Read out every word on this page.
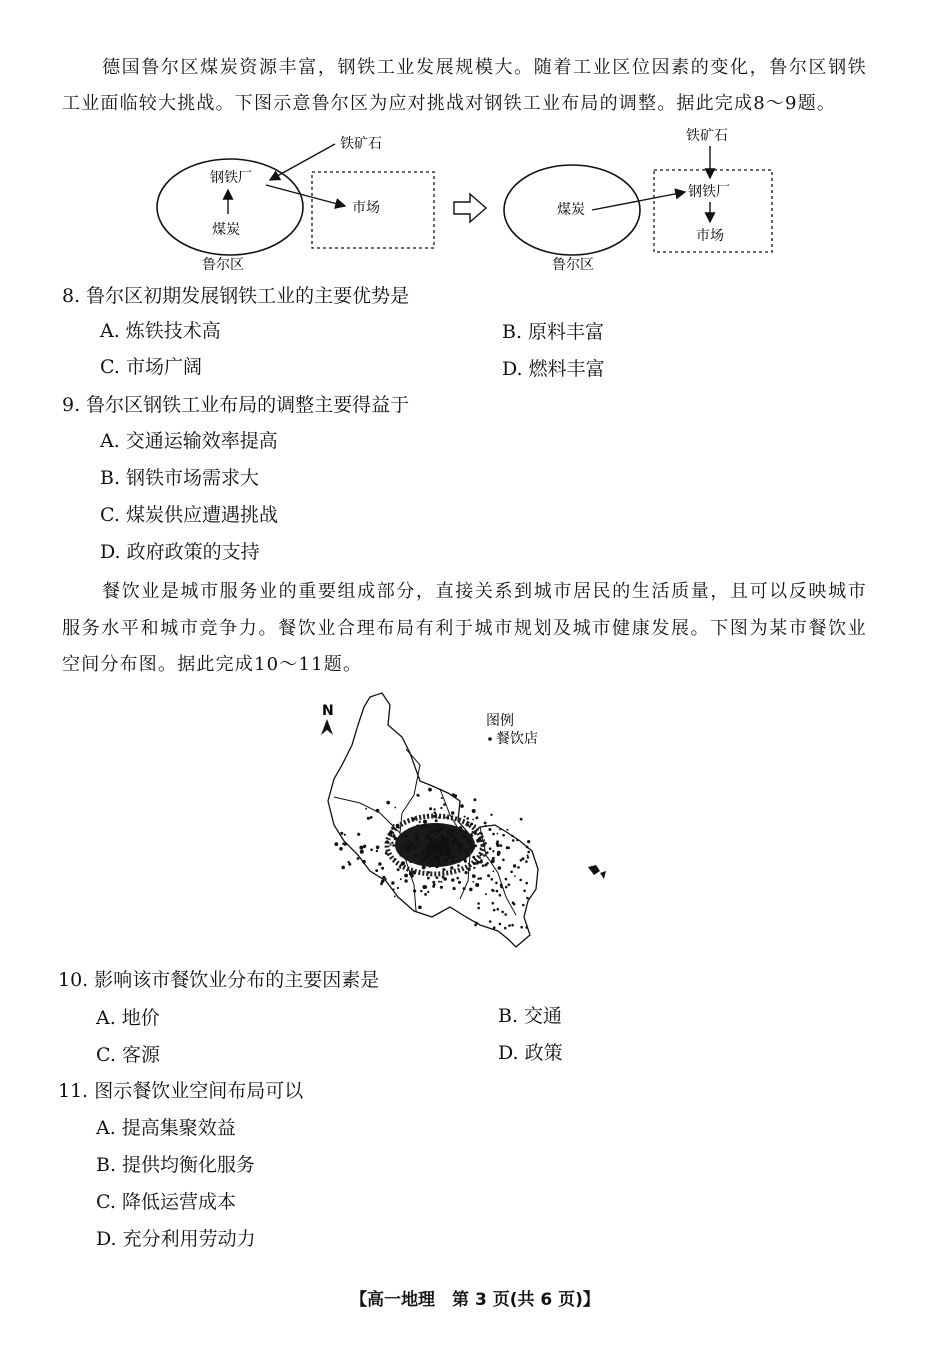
德国鲁尔区煤炭资源丰富，钢铁工业发展规模大。随着工业区位因素的变化，鲁尔区钢铁工业面临较大挑战。下图示意鲁尔区为应对挑战对钢铁工业布局的调整。据此完成8～9题。

钢铁厂
煤炭
铁矿石
市场
鲁尔区
煤炭
铁矿石
钢铁厂
市场
鲁尔区
8. 鲁尔区初期发展钢铁工业的主要优势是
A. 炼铁技术高	B. 原料丰富
C. 市场广阔	D. 燃料丰富
9. 鲁尔区钢铁工业布局的调整主要得益于
A. 交通运输效率提高
B. 钢铁市场需求大
C. 煤炭供应遭遇挑战
D. 政府政策的支持

餐饮业是城市服务业的重要组成部分，直接关系到城市居民的生活质量，且可以反映城市服务水平和城市竞争力。餐饮业合理布局有利于城市规划及城市健康发展。下图为某市餐饮业空间分布图。据此完成10～11题。

N
图例
餐饮店
10. 影响该市餐饮业分布的主要因素是
A. 地价	B. 交通
C. 客源	D. 政策
11. 图示餐饮业空间布局可以
A. 提高集聚效益
B. 提供均衡化服务
C. 降低运营成本
D. 充分利用劳动力
【高一地理　第 3 页(共 6 页)】
